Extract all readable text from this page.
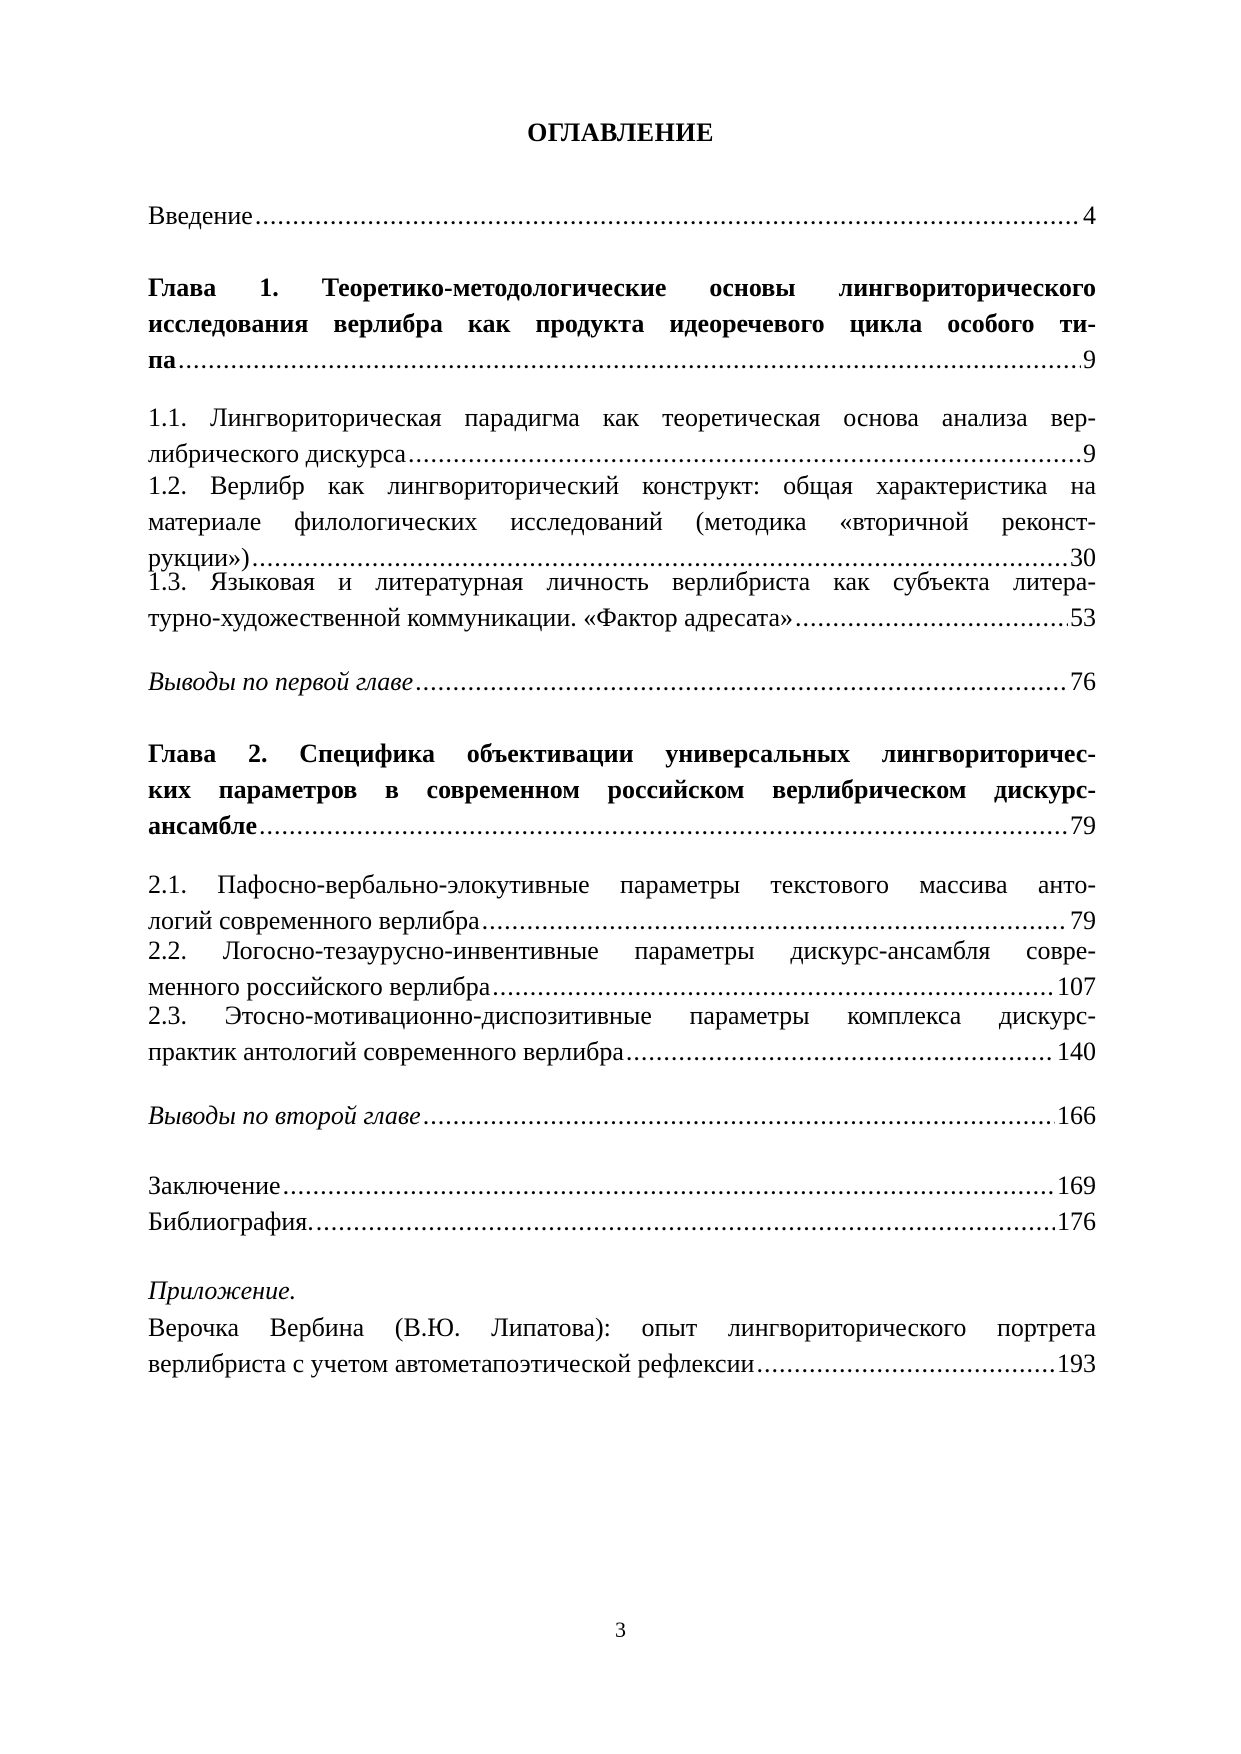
ОГЛАВЛЕНИЕ
Введение .....	4
Глава 1. Теоретико-методологические основы лингвориторического
исследования верлибра как продукта идеоречевого цикла особого ти-
па .....	9
1.1. Лингвориторическая парадигма как теоретическая основа анализа вер-
либрического дискурса .....	9
1.2. Верлибр как лингвориторический конструкт: общая характеристика на
материале филологических исследований (методика «вторичной реконст-
рукции») .....	30
1.3. Языковая и литературная личность верлибриста как субъекта литера-
турно-художественной коммуникации. «Фактор адресата» .....	53
Выводы по первой главе .....	76
Глава 2. Специфика объективации универсальных лингвориторичес-
ких параметров в современном российском верлибрическом дискурс-
ансамбле .....	79
2.1. Пафосно-вербально-элокутивные параметры текстового массива анто-
логий современного верлибра .....	79
2.2. Логосно-тезаурусно-инвентивные параметры дискурс-ансамбля совре-
менного российского верлибра .....	107
2.3. Этосно-мотивационно-диспозитивные параметры комплекса дискурс-
практик антологий современного верлибра .....	140
Выводы по второй главе .....	166
Заключение .....	169
Библиография. .....	176
Приложение.
Верочка Вербина (В.Ю. Липатова): опыт лингвориторического портрета
верлибриста с учетом автометапоэтической рефлексии .....	193
3
